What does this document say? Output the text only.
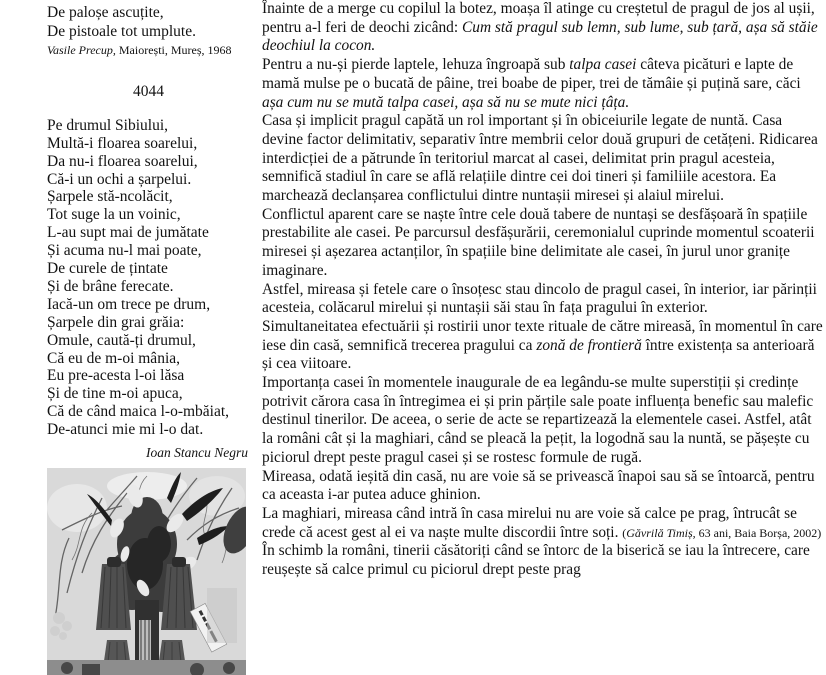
De paloșe ascuțite,
De pistoale tot umplute.
Vasile Precup, Maiorești, Mureș, 1968
4044
Pe drumul Sibiului,
Multă-i floarea soarelui,
Da nu-i floarea soarelui,
Că-i un ochi a șarpelui.
Șarpele stă-ncolăcit,
Tot suge la un voinic,
L-au supt mai de jumătate
Și acuma nu-l mai poate,
De curele de țintate
Și de brâne ferecate.
Iacă-un om trece pe drum,
Șarpele din grai grăia:
Omule, caută-ți drumul,
Că eu de m-oi mânia,
Eu pre-acesta l-oi lăsa
Și de tine m-oi apuca,
Că de când maica l-o-mbăiat,
De-atunci mie mi l-o dat.
Ioan Stancu Negru

Înainte de a merge cu copilul la botez, moașa îl atinge cu creștetul de pragul de jos al ușii, pentru a-l feri de deochi zicând: Cum stă pragul sub lemn, sub lume, sub țară, așa să stăie deochiul la cocon.

Pentru a nu-și pierde laptele, lehuza îngroapă sub talpa casei câteva picături e lapte de mamă mulse pe o bucată de pâine, trei boabe de piper, trei de tămâie și puțină sare, căci așa cum nu se mută talpa casei, așa să nu se mute nici țâța.

Casa și implicit pragul capătă un rol important și în obiceiurile legate de nuntă. Casa devine factor delimitativ, separativ între membrii celor două grupuri de cetățeni. Ridicarea interdicției de a pătrunde în teritoriul marcat al casei, delimitat prin pragul acesteia, semnifică stadiul în care se află relațiile dintre cei doi tineri și familiile acestora. Ea marchează declanșarea conflictului dintre nuntașii miresei și alaiul mirelui.

Conflictul aparent care se naște între cele două tabere de nuntași se desfășoară în spațiile prestabilite ale casei. Pe parcursul desfășurării, ceremonialul cuprinde momentul scoaterii miresei și așezarea actanților, în spațiile bine delimitate ale casei, în jurul unor granițe imaginare.

Astfel, mireasa și fetele care o însoțesc stau dincolo de pragul casei, în interior, iar părinții acesteia, colăcarul mirelui și nuntașii săi stau în fața pragului în exterior.

Simultaneitatea efectuării și rostirii unor texte rituale de către mireasă, în momentul în care iese din casă, semnifică trecerea pragului ca zonă de frontieră între existența sa anterioară și cea viitoare.

Importanța casei în momentele inaugurale de ea legându-se multe superstiții și credințe potrivit cărora casa în întregimea ei și prin părțile sale poate influența benefic sau malefic destinul tinerilor. De aceea, o serie de acte se repartizează la elementele casei. Astfel, atât la români cât și la maghiari, când se pleacă la pețit, la logodnă sau la nuntă, se pășește cu piciorul drept peste pragul casei și se rostesc formule de rugă.

Mireasa, odată ieșită din casă, nu are voie să se privească înapoi sau să se întoarcă, pentru ca aceasta i-ar putea aduce ghinion.

La maghiari, mireasa când intră în casa mirelui nu are voie să calce pe prag, întrucât se crede că acest gest al ei va naște multe discordii între soți. (Găvrilă Timiș, 63 ani, Baia Borșa, 2002)

În schimb la români, tinerii căsătoriți când se întorc de la biserică se iau la întrecere, care reușește să calce primul cu piciorul drept peste prag
